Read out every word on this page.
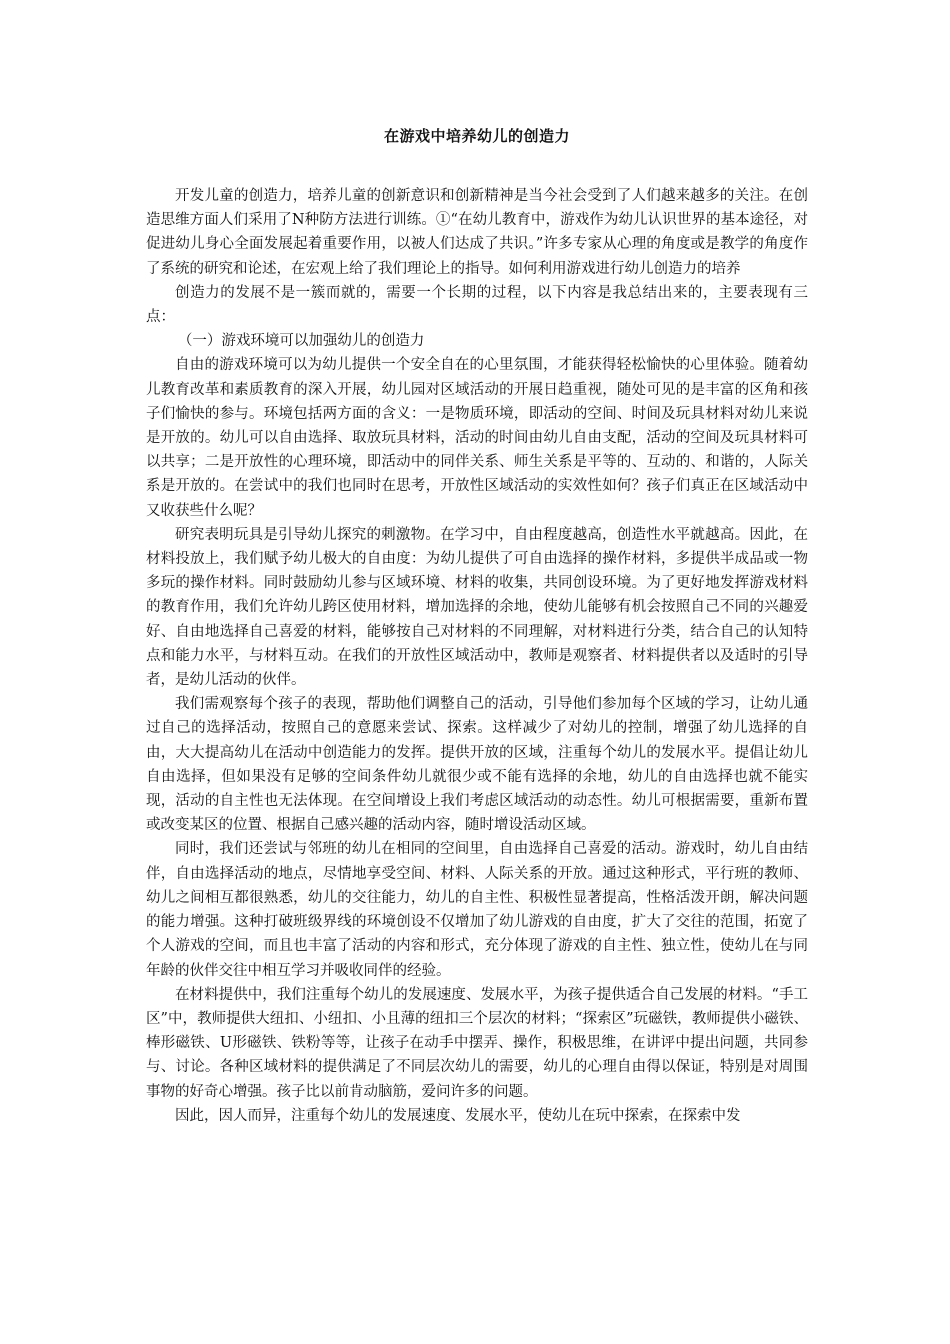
在游戏中培养幼儿的创造力

开发儿童的创造力，培养儿童的创新意识和创新精神是当今社会受到了人们越来越多的关注。在创造思维方面人们采用了N种防方法进行训练。①“在幼儿教育中，游戏作为幼儿认识世界的基本途径，对促进幼儿身心全面发展起着重要作用，以被人们达成了共识。”许多专家从心理的角度或是教学的角度作了系统的研究和论述，在宏观上给了我们理论上的指导。如何利用游戏进行幼儿创造力的培养

创造力的发展不是一簇而就的，需要一个长期的过程，以下内容是我总结出来的，主要表现有三点：

（一）游戏环境可以加强幼儿的创造力

自由的游戏环境可以为幼儿提供一个安全自在的心里氛围，才能获得轻松愉快的心里体验。随着幼儿教育改革和素质教育的深入开展，幼儿园对区域活动的开展日趋重视，随处可见的是丰富的区角和孩子们愉快的参与。环境包括两方面的含义：一是物质环境，即活动的空间、时间及玩具材料对幼儿来说是开放的。幼儿可以自由选择、取放玩具材料，活动的时间由幼儿自由支配，活动的空间及玩具材料可以共享；二是开放性的心理环境，即活动中的同伴关系、师生关系是平等的、互动的、和谐的，人际关系是开放的。在尝试中的我们也同时在思考，开放性区域活动的实效性如何？孩子们真正在区域活动中又收获些什么呢？

研究表明玩具是引导幼儿探究的刺激物。在学习中，自由程度越高，创造性水平就越高。因此，在材料投放上，我们赋予幼儿极大的自由度：为幼儿提供了可自由选择的操作材料，多提供半成品或一物多玩的操作材料。同时鼓励幼儿参与区域环境、材料的收集，共同创设环境。为了更好地发挥游戏材料的教育作用，我们允许幼儿跨区使用材料，增加选择的余地，使幼儿能够有机会按照自己不同的兴趣爱好、自由地选择自己喜爱的材料，能够按自己对材料的不同理解，对材料进行分类，结合自己的认知特点和能力水平，与材料互动。在我们的开放性区域活动中，教师是观察者、材料提供者以及适时的引导者，是幼儿活动的伙伴。

我们需观察每个孩子的表现，帮助他们调整自己的活动，引导他们参加每个区域的学习，让幼儿通过自己的选择活动，按照自己的意愿来尝试、探索。这样减少了对幼儿的控制，增强了幼儿选择的自由，大大提高幼儿在活动中创造能力的发挥。提供开放的区域，注重每个幼儿的发展水平。提倡让幼儿自由选择，但如果没有足够的空间条件幼儿就很少或不能有选择的余地，幼儿的自由选择也就不能实现，活动的自主性也无法体现。在空间增设上我们考虑区域活动的动态性。幼儿可根据需要，重新布置或改变某区的位置、根据自己感兴趣的活动内容，随时增设活动区域。

同时，我们还尝试与邻班的幼儿在相同的空间里，自由选择自己喜爱的活动。游戏时，幼儿自由结伴，自由选择活动的地点，尽情地享受空间、材料、人际关系的开放。通过这种形式，平行班的教师、幼儿之间相互都很熟悉，幼儿的交往能力，幼儿的自主性、积极性显著提高，性格活泼开朗，解决问题的能力增强。这种打破班级界线的环境创设不仅增加了幼儿游戏的自由度，扩大了交往的范围，拓宽了个人游戏的空间，而且也丰富了活动的内容和形式，充分体现了游戏的自主性、独立性，使幼儿在与同年龄的伙伴交往中相互学习并吸收同伴的经验。

在材料提供中，我们注重每个幼儿的发展速度、发展水平，为孩子提供适合自己发展的材料。“手工区”中，教师提供大纽扣、小纽扣、小且薄的纽扣三个层次的材料；“探索区”玩磁铁，教师提供小磁铁、棒形磁铁、U形磁铁、铁粉等等，让孩子在动手中摆弄、操作，积极思维，在讲评中提出问题，共同参与、讨论。各种区域材料的提供满足了不同层次幼儿的需要，幼儿的心理自由得以保证，特别是对周围事物的好奇心增强。孩子比以前肯动脑筋，爱问许多的问题。

因此，因人而异，注重每个幼儿的发展速度、发展水平，使幼儿在玩中探索，在探索中发
